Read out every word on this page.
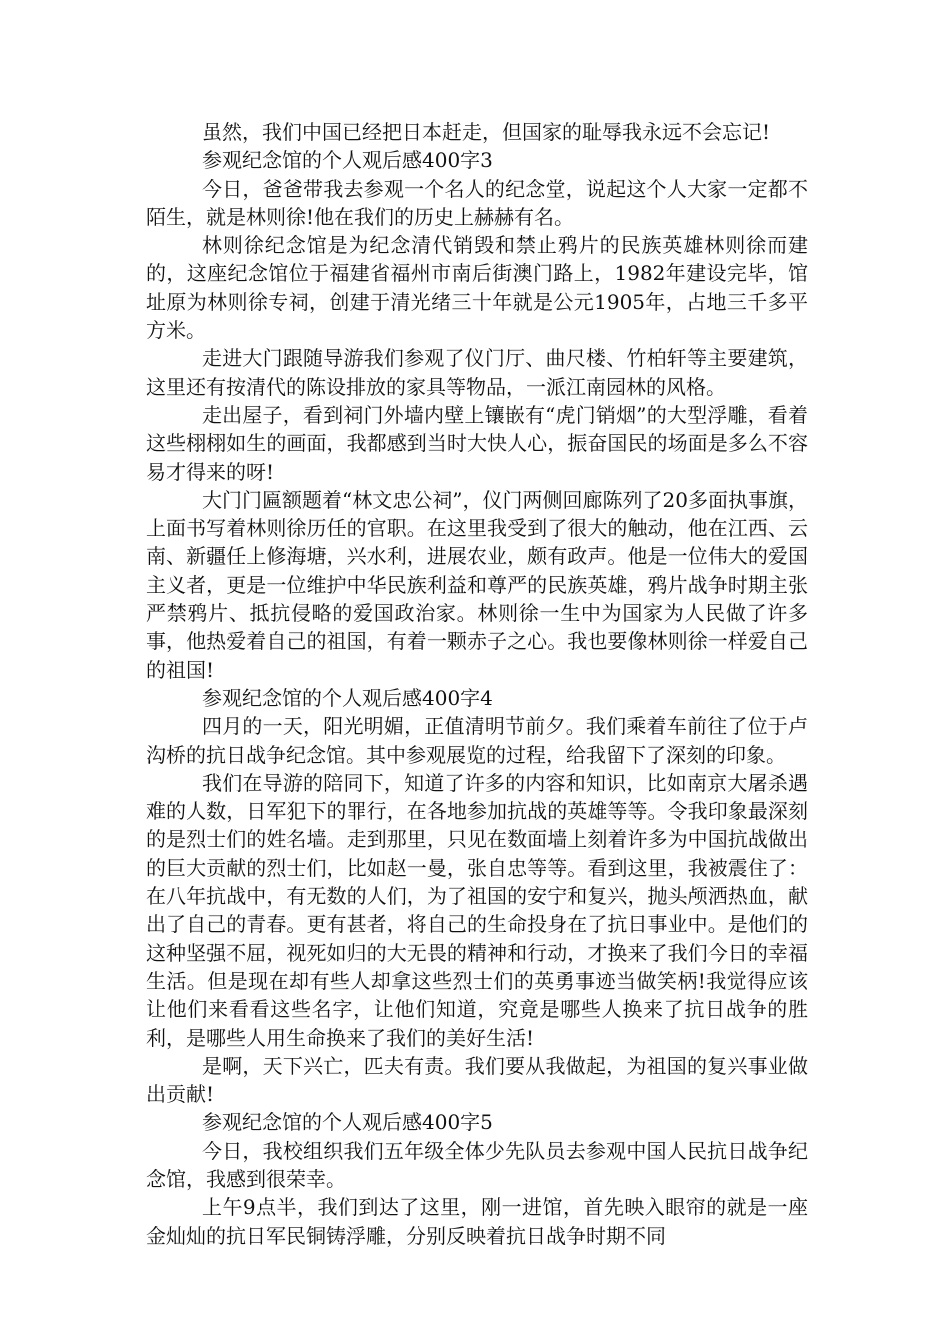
虽然，我们中国已经把日本赶走，但国家的耻辱我永远不会忘记!

参观纪念馆的个人观后感400字3

今日，爸爸带我去参观一个名人的纪念堂，说起这个人大家一定都不陌生，就是林则徐!他在我们的历史上赫赫有名。

林则徐纪念馆是为纪念清代销毁和禁止鸦片的民族英雄林则徐而建的，这座纪念馆位于福建省福州市南后街澳门路上，1982年建设完毕，馆址原为林则徐专祠，创建于清光绪三十年就是公元1905年，占地三千多平方米。

走进大门跟随导游我们参观了仪门厅、曲尺楼、竹柏轩等主要建筑，这里还有按清代的陈设排放的家具等物品，一派江南园林的风格。

走出屋子，看到祠门外墙内壁上镶嵌有“虎门销烟”的大型浮雕，看着这些栩栩如生的画面，我都感到当时大快人心，振奋国民的场面是多么不容易才得来的呀!

大门门匾额题着“林文忠公祠”，仪门两侧回廊陈列了20多面执事旗，上面书写着林则徐历任的官职。在这里我受到了很大的触动，他在江西、云南、新疆任上修海塘，兴水利，进展农业，颇有政声。他是一位伟大的爱国主义者，更是一位维护中华民族利益和尊严的民族英雄，鸦片战争时期主张严禁鸦片、抵抗侵略的爱国政治家。林则徐一生中为国家为人民做了许多事，他热爱着自己的祖国，有着一颗赤子之心。我也要像林则徐一样爱自己的祖国!

参观纪念馆的个人观后感400字4

四月的一天，阳光明媚，正值清明节前夕。我们乘着车前往了位于卢沟桥的抗日战争纪念馆。其中参观展览的过程，给我留下了深刻的印象。

我们在导游的陪同下，知道了许多的内容和知识，比如南京大屠杀遇难的人数，日军犯下的罪行，在各地参加抗战的英雄等等。令我印象最深刻的是烈士们的姓名墙。走到那里，只见在数面墙上刻着许多为中国抗战做出的巨大贡献的烈士们，比如赵一曼，张自忠等等。看到这里，我被震住了：在八年抗战中，有无数的人们，为了祖国的安宁和复兴，抛头颅洒热血，献出了自己的青春。更有甚者，将自己的生命投身在了抗日事业中。是他们的这种坚强不屈，视死如归的大无畏的精神和行动，才换来了我们今日的幸福生活。但是现在却有些人却拿这些烈士们的英勇事迹当做笑柄!我觉得应该让他们来看看这些名字，让他们知道，究竟是哪些人换来了抗日战争的胜利，是哪些人用生命换来了我们的美好生活!

是啊，天下兴亡，匹夫有责。我们要从我做起，为祖国的复兴事业做出贡献!

参观纪念馆的个人观后感400字5

今日，我校组织我们五年级全体少先队员去参观中国人民抗日战争纪念馆，我感到很荣幸。

上午9点半，我们到达了这里，刚一进馆，首先映入眼帘的就是一座金灿灿的抗日军民铜铸浮雕，分别反映着抗日战争时期不同
